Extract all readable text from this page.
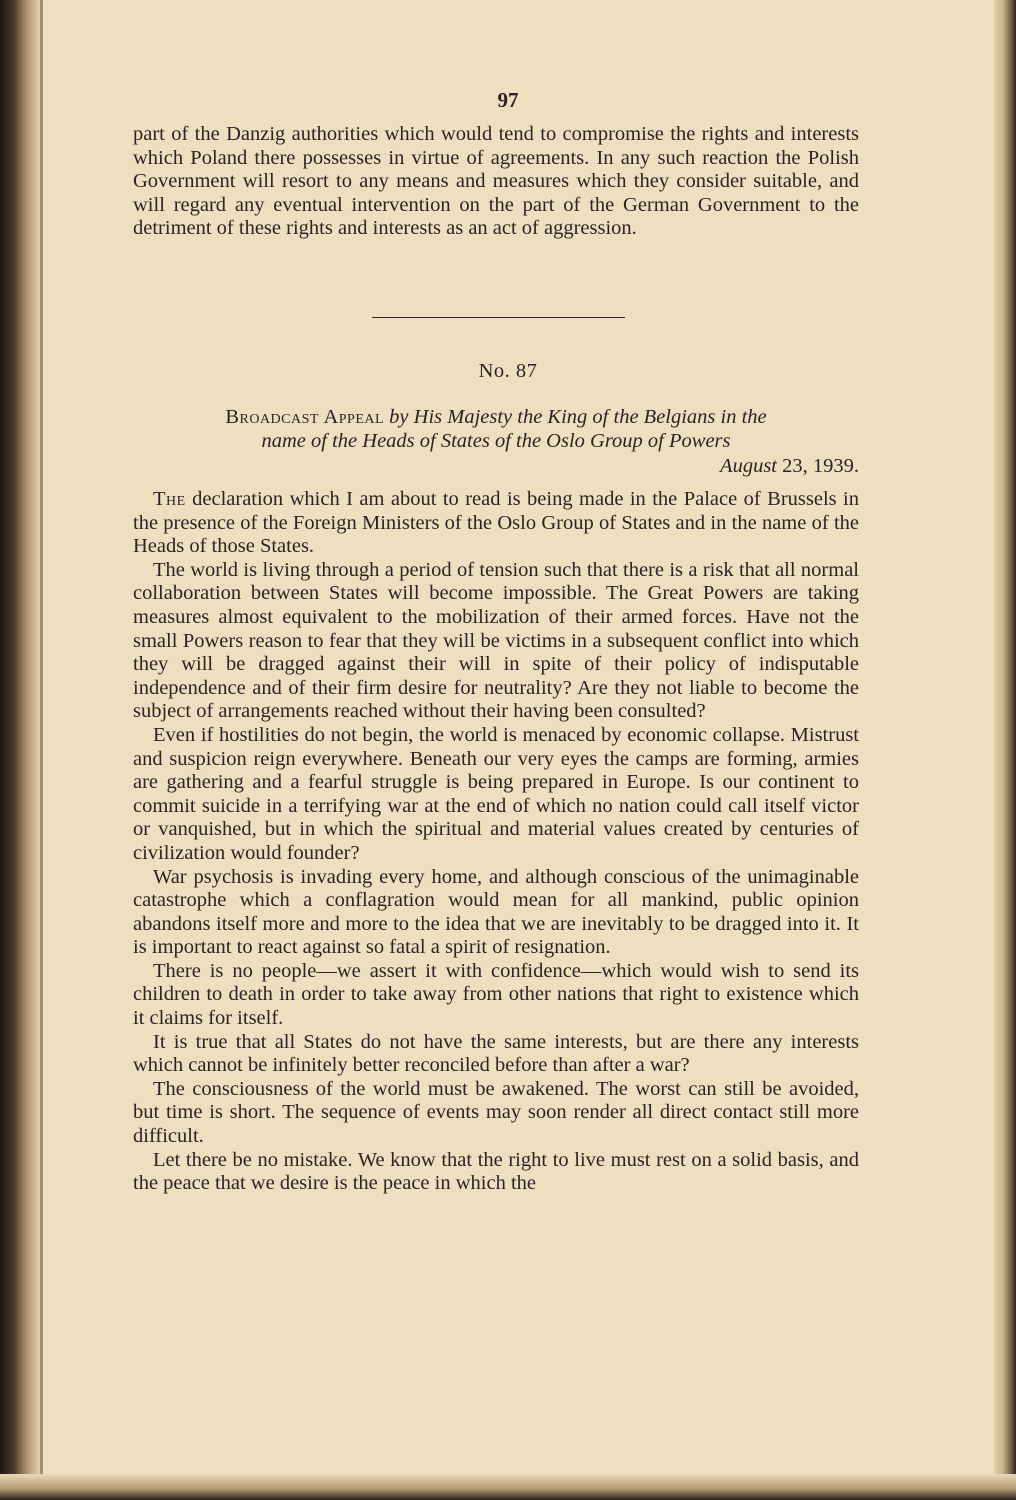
97

part of the Danzig authorities which would tend to compromise the rights and interests which Poland there possesses in virtue of agreements. In any such reaction the Polish Government will resort to any means and measures which they consider suitable, and will regard any eventual intervention on the part of the German Government to the detriment of these rights and interests as an act of aggression.

No. 87
Broadcast Appeal by His Majesty the King of the Belgians in the
name of the Heads of States of the Oslo Group of Powers
August 23, 1939.

The declaration which I am about to read is being made in the Palace of Brussels in the presence of the Foreign Ministers of the Oslo Group of States and in the name of the Heads of those States.

The world is living through a period of tension such that there is a risk that all normal collaboration between States will become impossible. The Great Powers are taking measures almost equivalent to the mobilization of their armed forces. Have not the small Powers reason to fear that they will be victims in a subsequent conflict into which they will be dragged against their will in spite of their policy of indisputable independence and of their firm desire for neutrality? Are they not liable to become the subject of arrangements reached without their having been consulted?

Even if hostilities do not begin, the world is menaced by economic collapse. Mistrust and suspicion reign everywhere. Beneath our very eyes the camps are forming, armies are gathering and a fearful struggle is being prepared in Europe. Is our continent to commit suicide in a terrifying war at the end of which no nation could call itself victor or vanquished, but in which the spiritual and material values created by centuries of civilization would founder?

War psychosis is invading every home, and although conscious of the unimaginable catastrophe which a conflagration would mean for all mankind, public opinion abandons itself more and more to the idea that we are inevitably to be dragged into it. It is important to react against so fatal a spirit of resignation.

There is no people—we assert it with confidence—which would wish to send its children to death in order to take away from other nations that right to existence which it claims for itself.

It is true that all States do not have the same interests, but are there any interests which cannot be infinitely better reconciled before than after a war?

The consciousness of the world must be awakened. The worst can still be avoided, but time is short. The sequence of events may soon render all direct contact still more difficult.

Let there be no mistake. We know that the right to live must rest on a solid basis, and the peace that we desire is the peace in which the
